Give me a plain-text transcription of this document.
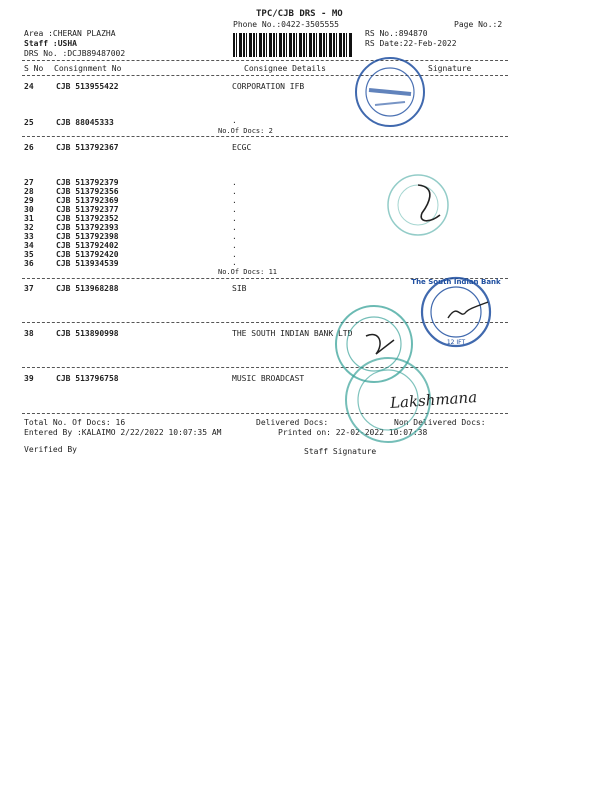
TPC/CJB DRS - MO
Phone No.:0422-3505555	Page No.:2
Area :CHERAN PLAZHA
Staff :USHA
DRS No. :DCJB89487002
RS No.:894870
RS Date:22-Feb-2022
S No Consignment No	Consignee Details	Signature
24	CJB 513955422	CORPORATION IFB
25	CJB 88045333	.
No.Of Docs: 2
26	CJB 513792367	ECGC
27	CJB 513792379	.
28	CJB 513792356	.
29	CJB 513792369	.
30	CJB 513792377	.
31	CJB 513792352	.
32	CJB 513792393	.
33	CJB 513792398	.
34	CJB 513792402	.
35	CJB 513792420	.
36	CJB 513934539	.
No.Of Docs: 11
37	CJB 513968288	SIB
38	CJB 513890998	THE SOUTH INDIAN BANK LTD
39	CJB 513796758	MUSIC BROADCAST
Total No. Of Docs: 16	Delivered Docs:	Non Delivered Docs:
Entered By :KALAIMO 2/22/2022 10:07:35 AM	Printed on: 22-02-2022 10:07:38
Verified By	Staff Signature
The South Indian Bank
12 IFT
Lakshmana
